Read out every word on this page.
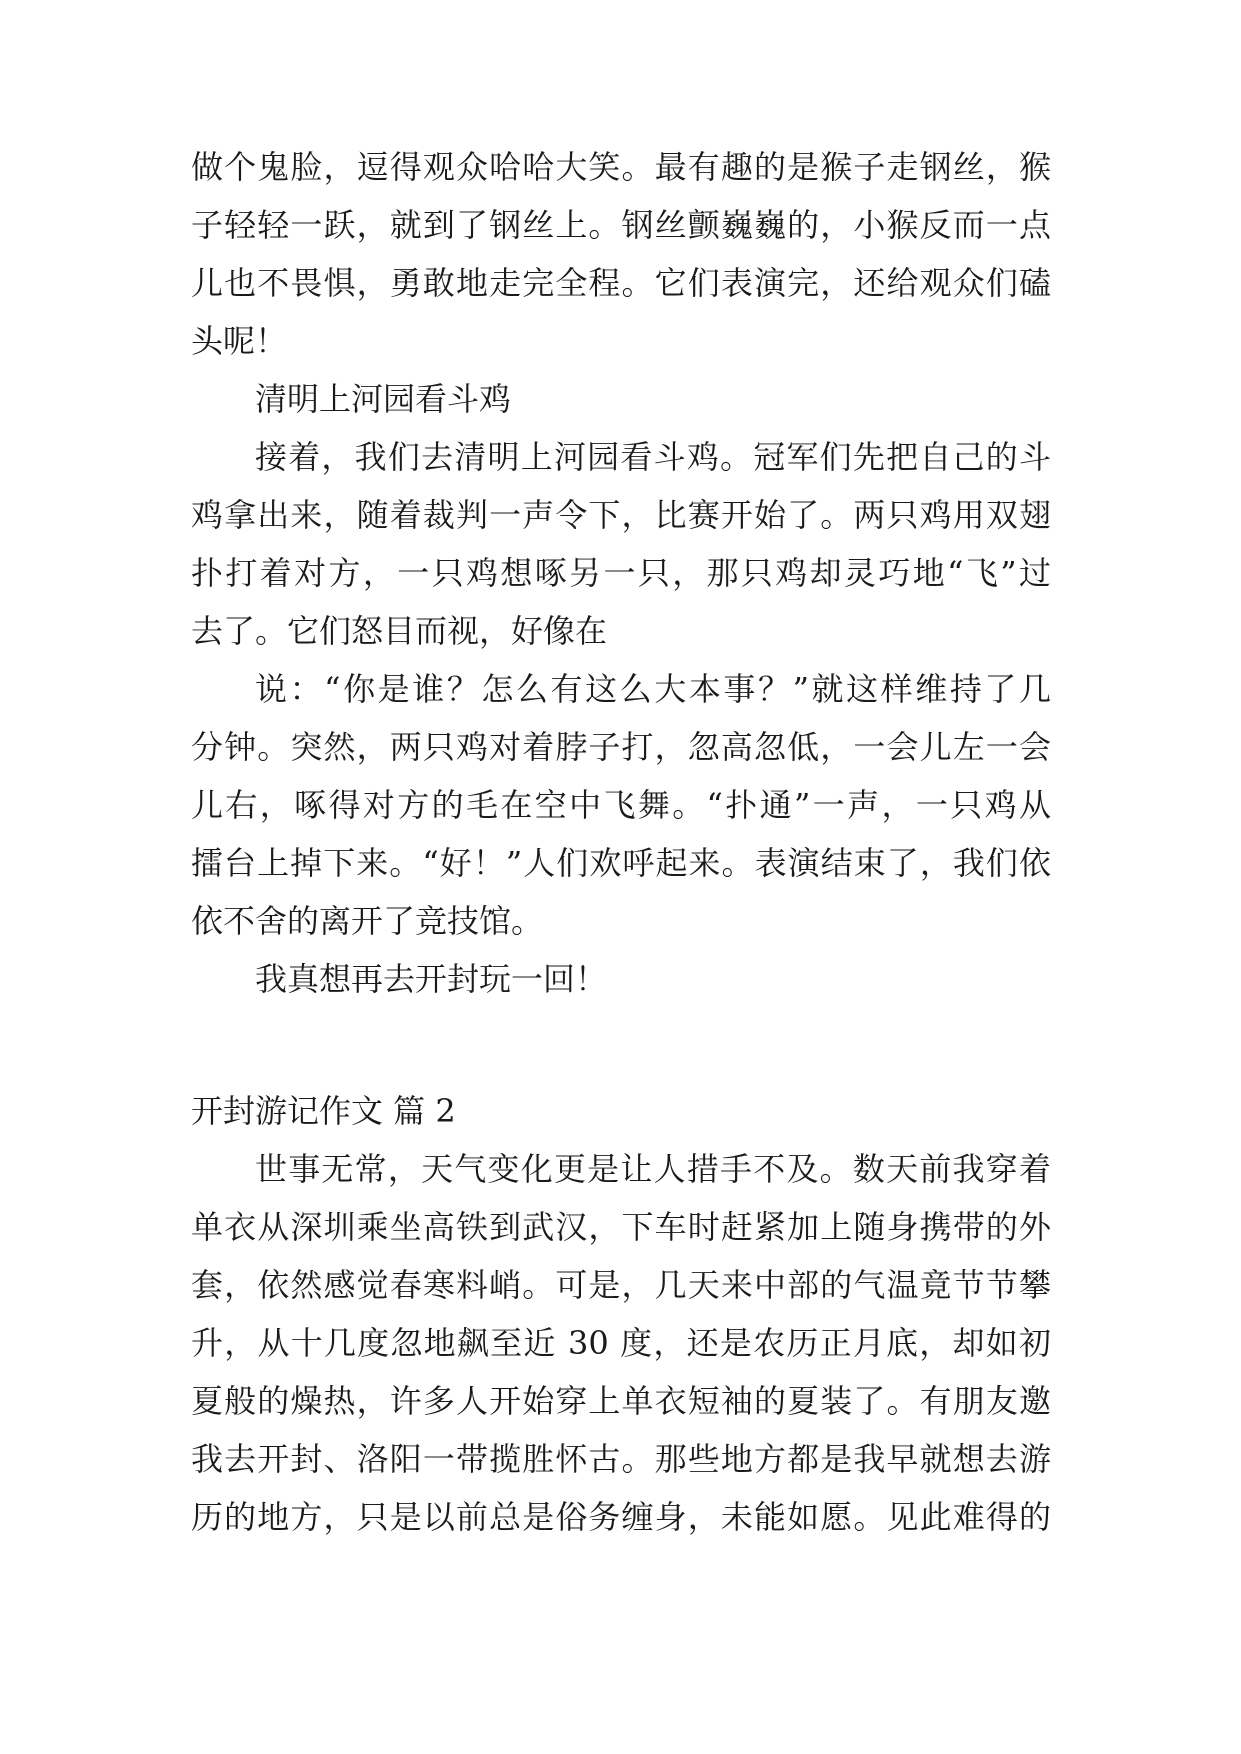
做个鬼脸，逗得观众哈哈大笑。最有趣的是猴子走钢丝，猴
子轻轻一跃，就到了钢丝上。钢丝颤巍巍的，小猴反而一点
儿也不畏惧，勇敢地走完全程。它们表演完，还给观众们磕
头呢！
清明上河园看斗鸡
接着，我们去清明上河园看斗鸡。冠军们先把自己的斗
鸡拿出来，随着裁判一声令下，比赛开始了。两只鸡用双翅
扑打着对方，一只鸡想啄另一只，那只鸡却灵巧地“飞”过
去了。它们怒目而视，好像在
说：“你是谁？怎么有这么大本事？”就这样维持了几
分钟。突然，两只鸡对着脖子打，忽高忽低，一会儿左一会
儿右，啄得对方的毛在空中飞舞。“扑通”一声，一只鸡从
擂台上掉下来。“好！”人们欢呼起来。表演结束了，我们依
依不舍的离开了竞技馆。
我真想再去开封玩一回！
开封游记作文 篇 2
世事无常，天气变化更是让人措手不及。数天前我穿着
单衣从深圳乘坐高铁到武汉，下车时赶紧加上随身携带的外
套，依然感觉春寒料峭。可是，几天来中部的气温竟节节攀
升，从十几度忽地飙至近 30 度，还是农历正月底，却如初
夏般的燥热，许多人开始穿上单衣短袖的夏装了。有朋友邀
我去开封、洛阳一带揽胜怀古。那些地方都是我早就想去游
历的地方，只是以前总是俗务缠身，未能如愿。见此难得的
